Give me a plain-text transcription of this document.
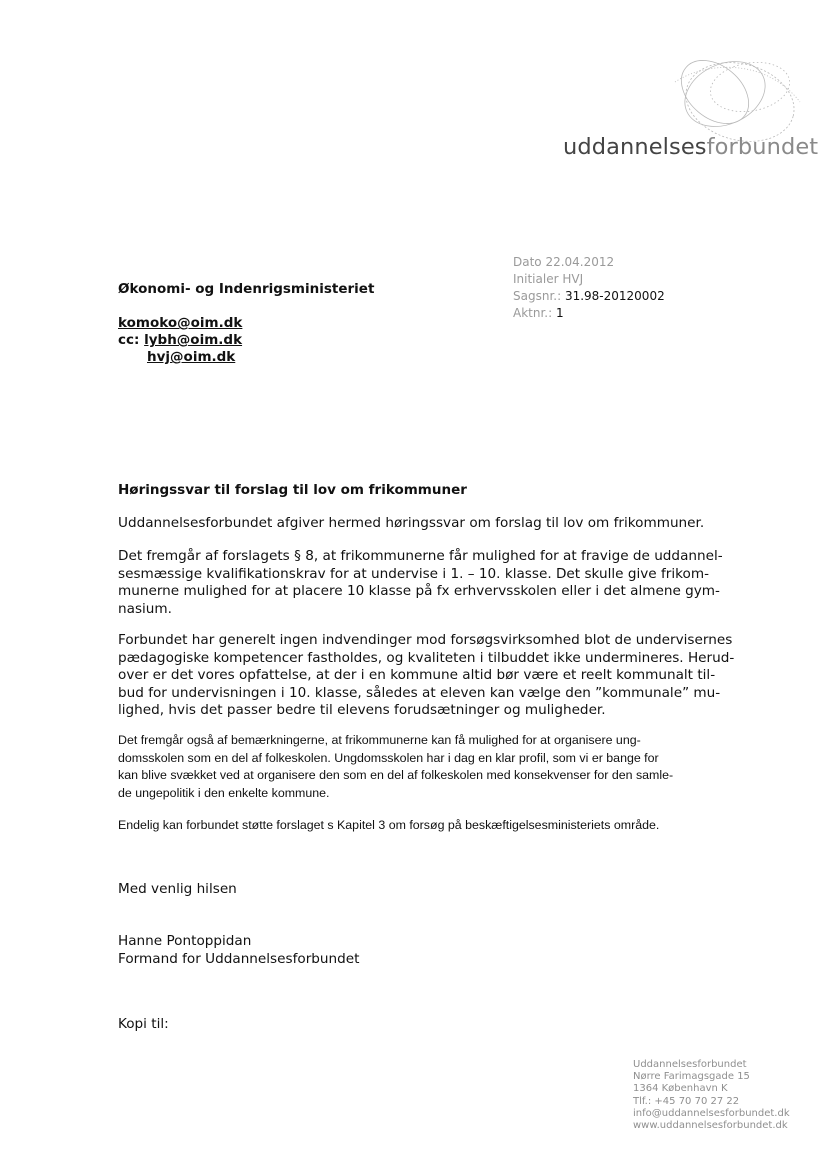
uddannelsesforbundet
Dato 22.04.2012
Initialer HVJ
Sagsnr.: 31.98-20120002
Aktnr.: 1
Økonomi- og Indenrigsministeriet
komoko@oim.dk
cc: lybh@oim.dk
hvj@oim.dk
Høringssvar til forslag til lov om frikommuner
Uddannelsesforbundet afgiver hermed høringssvar om forslag til lov om frikommuner.
Det fremgår af forslagets § 8, at frikommunerne får mulighed for at fravige de uddannel-
sesmæssige kvalifikationskrav for at undervise i 1. – 10. klasse. Det skulle give frikom-
munerne mulighed for at placere 10 klasse på fx erhvervsskolen eller i det almene gym-
nasium.
Forbundet har generelt ingen indvendinger mod forsøgsvirksomhed blot de undervisernes
pædagogiske kompetencer fastholdes, og kvaliteten i tilbuddet ikke undermineres. Herud-
over er det vores opfattelse, at der i en kommune altid bør være et reelt kommunalt til-
bud for undervisningen i 10. klasse, således at eleven kan vælge den ”kommunale” mu-
lighed, hvis det passer bedre til elevens forudsætninger og muligheder.
Det fremgår også af bemærkningerne, at frikommunerne kan få mulighed for at organisere ung-
domsskolen som en del af folkeskolen. Ungdomsskolen har i dag en klar profil, som vi er bange for
kan blive svækket ved at organisere den som en del af folkeskolen med konsekvenser for den samle-
de ungepolitik i den enkelte kommune.
Endelig kan forbundet støtte forslaget s Kapitel 3 om forsøg på beskæftigelsesministeriets område.
Med venlig hilsen
Hanne Pontoppidan
Formand for Uddannelsesforbundet
Kopi til:
Uddannelsesforbundet
Nørre Farimagsgade 15
1364 København K
Tlf.: +45 70 70 27 22
info@uddannelsesforbundet.dk
www.uddannelsesforbundet.dk
